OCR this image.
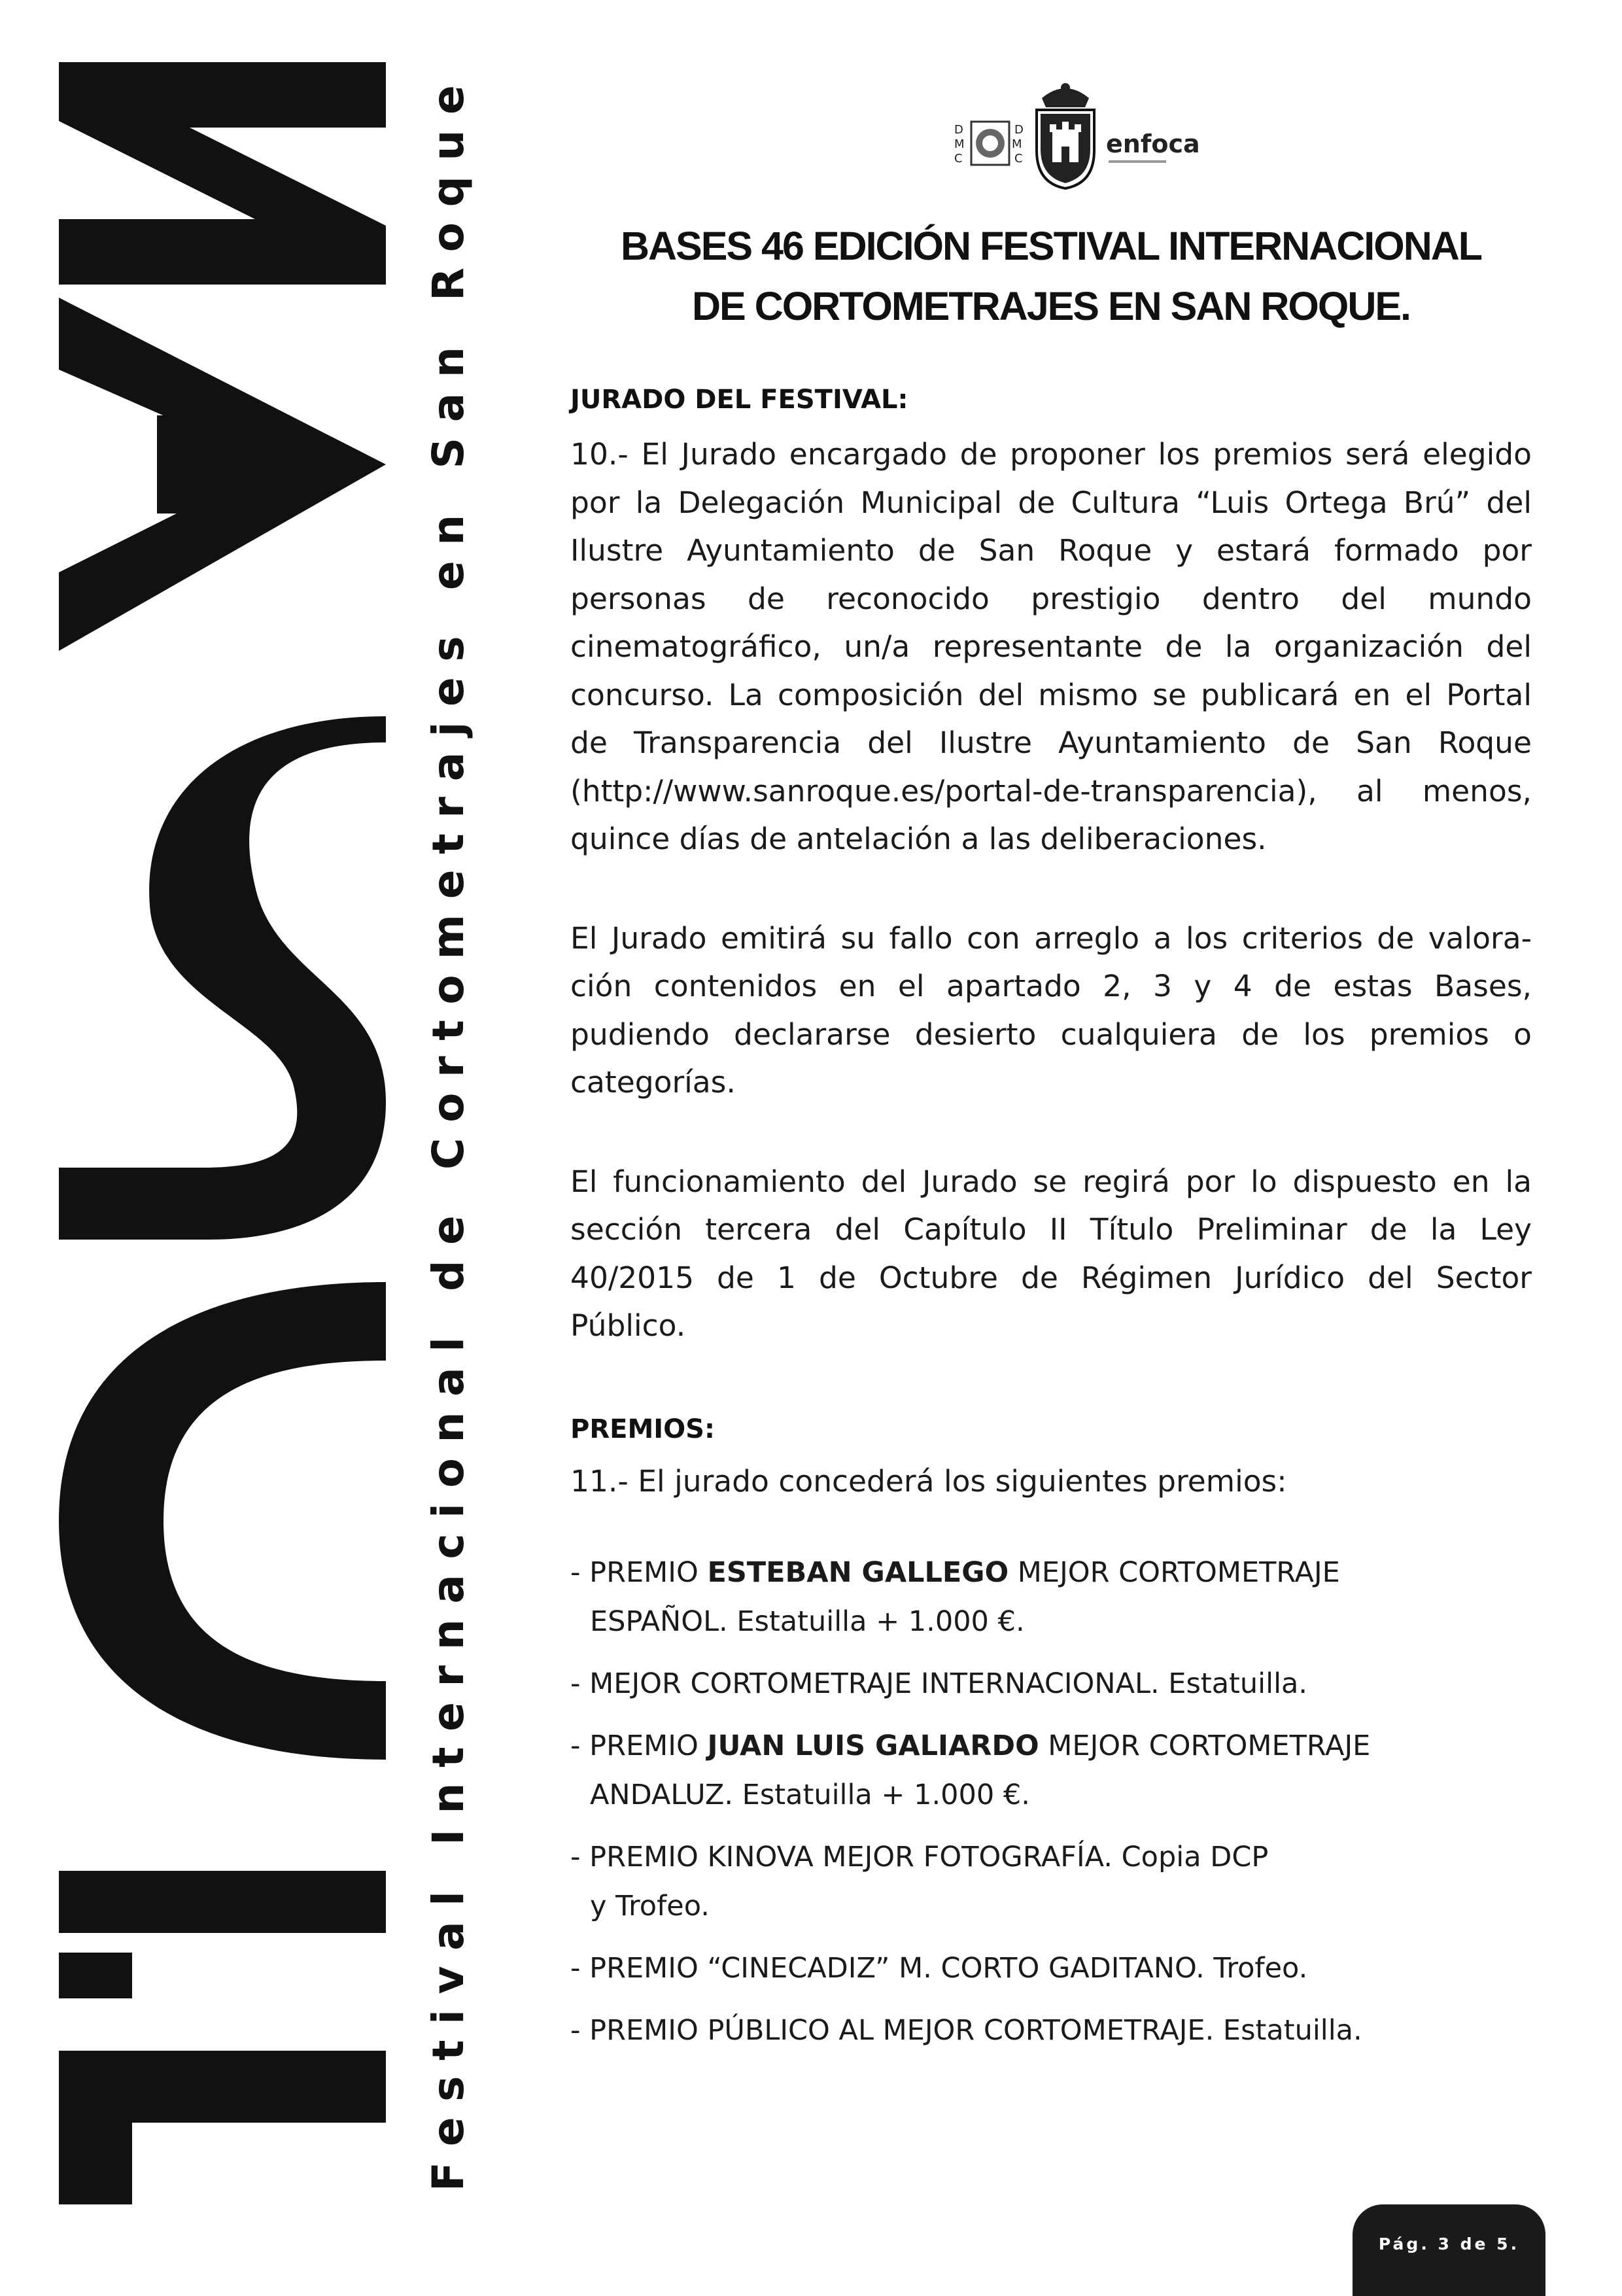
F
e
s
t
i
v
a
l

I
n
t
e
r
n
a
c
i
o
n
a
l

d
e

C
o
r
t
o
m
e
t
r
a
j
e
s

e
n

S
a
n

R
o
q
u
e
D
M
C
D
M
C
enfoca
BASES 46 EDICIÓN FESTIVAL INTERNACIONAL
DE CORTOMETRAJES EN SAN ROQUE.

JURADO DEL FESTIVAL:

10.- El Jurado encargado de proponer los premios será elegido por la Delegación Municipal de Cultura “Luis Ortega Brú” del Ilustre Ayuntamiento de San Roque y estará formado por personas de reconocido prestigio dentro del mundo cinematográfico, un/a representante de la organización del concurso. La composición del mismo se publicará en el Portal de Transparencia del Ilustre Ayuntamiento de San Roque (http://www.sanroque.es/portal-de-transparencia), al menos, quince días de antelación a las deliberaciones.

El Jurado emitirá su fallo con arreglo a los criterios de valora-ción contenidos en el apartado 2, 3 y 4 de estas Bases, pudiendo declararse desierto cualquiera de los premios o categorías.

El funcionamiento del Jurado se regirá por lo dispuesto en la sección tercera del Capítulo II Título Preliminar de la Ley 40/2015 de 1 de Octubre de Régimen Jurídico del Sector Público.

PREMIOS:

11.- El jurado concederá los siguientes premios:

- PREMIO ESTEBAN GALLEGO MEJOR CORTOMETRAJE
ESPAÑOL. Estatuilla + 1.000 €.
- MEJOR CORTOMETRAJE INTERNACIONAL. Estatuilla.
- PREMIO JUAN LUIS GALIARDO MEJOR CORTOMETRAJE
ANDALUZ. Estatuilla + 1.000 €.
- PREMIO KINOVA MEJOR FOTOGRAFÍA. Copia DCP
y Trofeo.
- PREMIO “CINECADIZ” M. CORTO GADITANO. Trofeo.
- PREMIO PÚBLICO AL MEJOR CORTOMETRAJE. Estatuilla.
Pág. 3 de 5.
